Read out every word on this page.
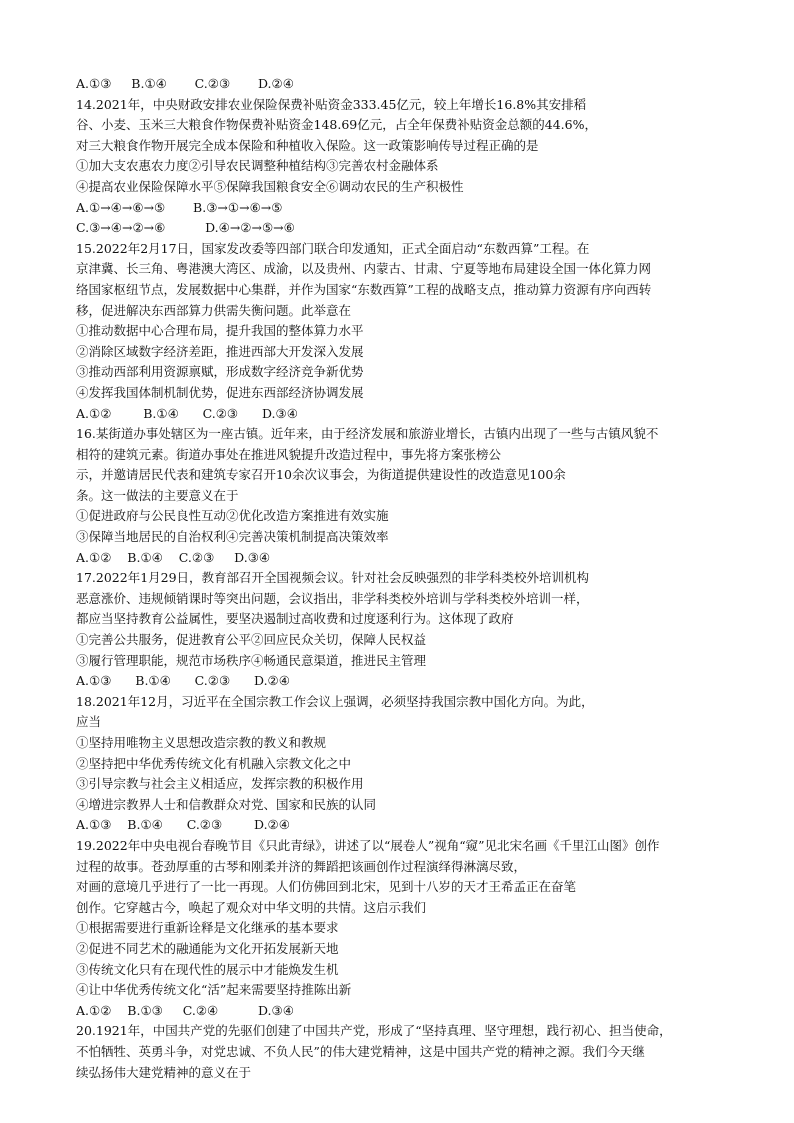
A.①③     B.①④       C.②③       D.②④
14.2021年，中央财政安排农业保险保费补贴资金333.45亿元，较上年增长16.8%其安排稻
谷、小麦、玉米三大粮食作物保费补贴资金148.69亿元，占全年保费补贴资金总额的44.6%，
对三大粮食作物开展完全成本保险和种植收入保险。这一政策影响传导过程正确的是
①加大支农惠农力度②引导农民调整种植结构③完善农村金融体系
④提高农业保险保障水平⑤保障我国粮食安全⑥调动农民的生产积极性
A.①→④→⑥→⑤       B.③→①→⑥→⑤
C.③→④→②→⑥          D.④→②→⑤→⑥
15.2022年2月17日，国家发改委等四部门联合印发通知，正式全面启动“东数西算”工程。在
京津冀、长三角、粤港澳大湾区、成渝，以及贵州、内蒙古、甘肃、宁夏等地布局建设全国一体化算力网
络国家枢纽节点，发展数据中心集群，并作为国家“东数西算”工程的战略支点，推动算力资源有序向西转
移，促进解决东西部算力供需失衡问题。此举意在
①推动数据中心合理布局，提升我国的整体算力水平
②消除区域数字经济差距，推进西部大开发深入发展
③推动西部利用资源禀赋，形成数字经济竞争新优势
④发挥我国体制机制优势，促进东西部经济协调发展
A.①②        B.①④      C.②③      D.③④
16.某街道办事处辖区为一座古镇。近年来，由于经济发展和旅游业增长，古镇内出现了一些与古镇风貌不
相符的建筑元素。街道办事处在推进风貌提升改造过程中，事先将方案张榜公
示，并邀请居民代表和建筑专家召开10余次议事会，为街道提供建设性的改造意见100余
条。这一做法的主要意义在于
①促进政府与公民良性互动②优化改造方案推进有效实施
③保障当地居民的自治权利④完善决策机制提高决策效率
A.①②    B.①④    C.②③     D.③④
17.2022年1月29日，教育部召开全国视频会议。针对社会反映强烈的非学科类校外培训机构
恶意涨价、违规倾销课时等突出问题，会议指出，非学科类校外培训与学科类校外培训一样，
都应当坚持教育公益属性，要坚决遏制过高收费和过度逐利行为。这体现了政府
①完善公共服务，促进教育公平②回应民众关切，保障人民权益
③履行管理职能，规范市场秩序④畅通民意渠道，推进民主管理
A.①③      B.①④      C.②③      D.②④
18.2021年12月，习近平在全国宗教工作会议上强调，必须坚持我国宗教中国化方向。为此，
应当
①坚持用唯物主义思想改造宗教的教义和教规
②坚持把中华优秀传统文化有机融入宗教文化之中
③引导宗教与社会主义相适应，发挥宗教的积极作用
④增进宗教界人士和信教群众对党、国家和民族的认同
A.①③    B.①④      C.②③        D.②④
19.2022年中央电视台春晚节目《只此青绿》，讲述了以“展卷人”视角“窥”见北宋名画《千里江山图》创作
过程的故事。苍劲厚重的古琴和刚柔并济的舞蹈把该画创作过程演绎得淋漓尽致，
对画的意境几乎进行了一比一再现。人们仿佛回到北宋，见到十八岁的天才王希孟正在奋笔
创作。它穿越古今，唤起了观众对中华文明的共情。这启示我们
①根据需要进行重新诠释是文化继承的基本要求
②促进不同艺术的融通能为文化开拓发展新天地
③传统文化只有在现代性的展示中才能焕发生机
④让中华优秀传统文化“活”起来需要坚持推陈出新
A.①②    B.①③     C.②④          D.③④
20.1921年，中国共产党的先驱们创建了中国共产党，形成了“坚持真理、坚守理想，践行初心、担当使命，
不怕牺牲、英勇斗争，对党忠诚、不负人民”的伟大建党精神，这是中国共产党的精神之源。我们今天继
续弘扬伟大建党精神的意义在于
